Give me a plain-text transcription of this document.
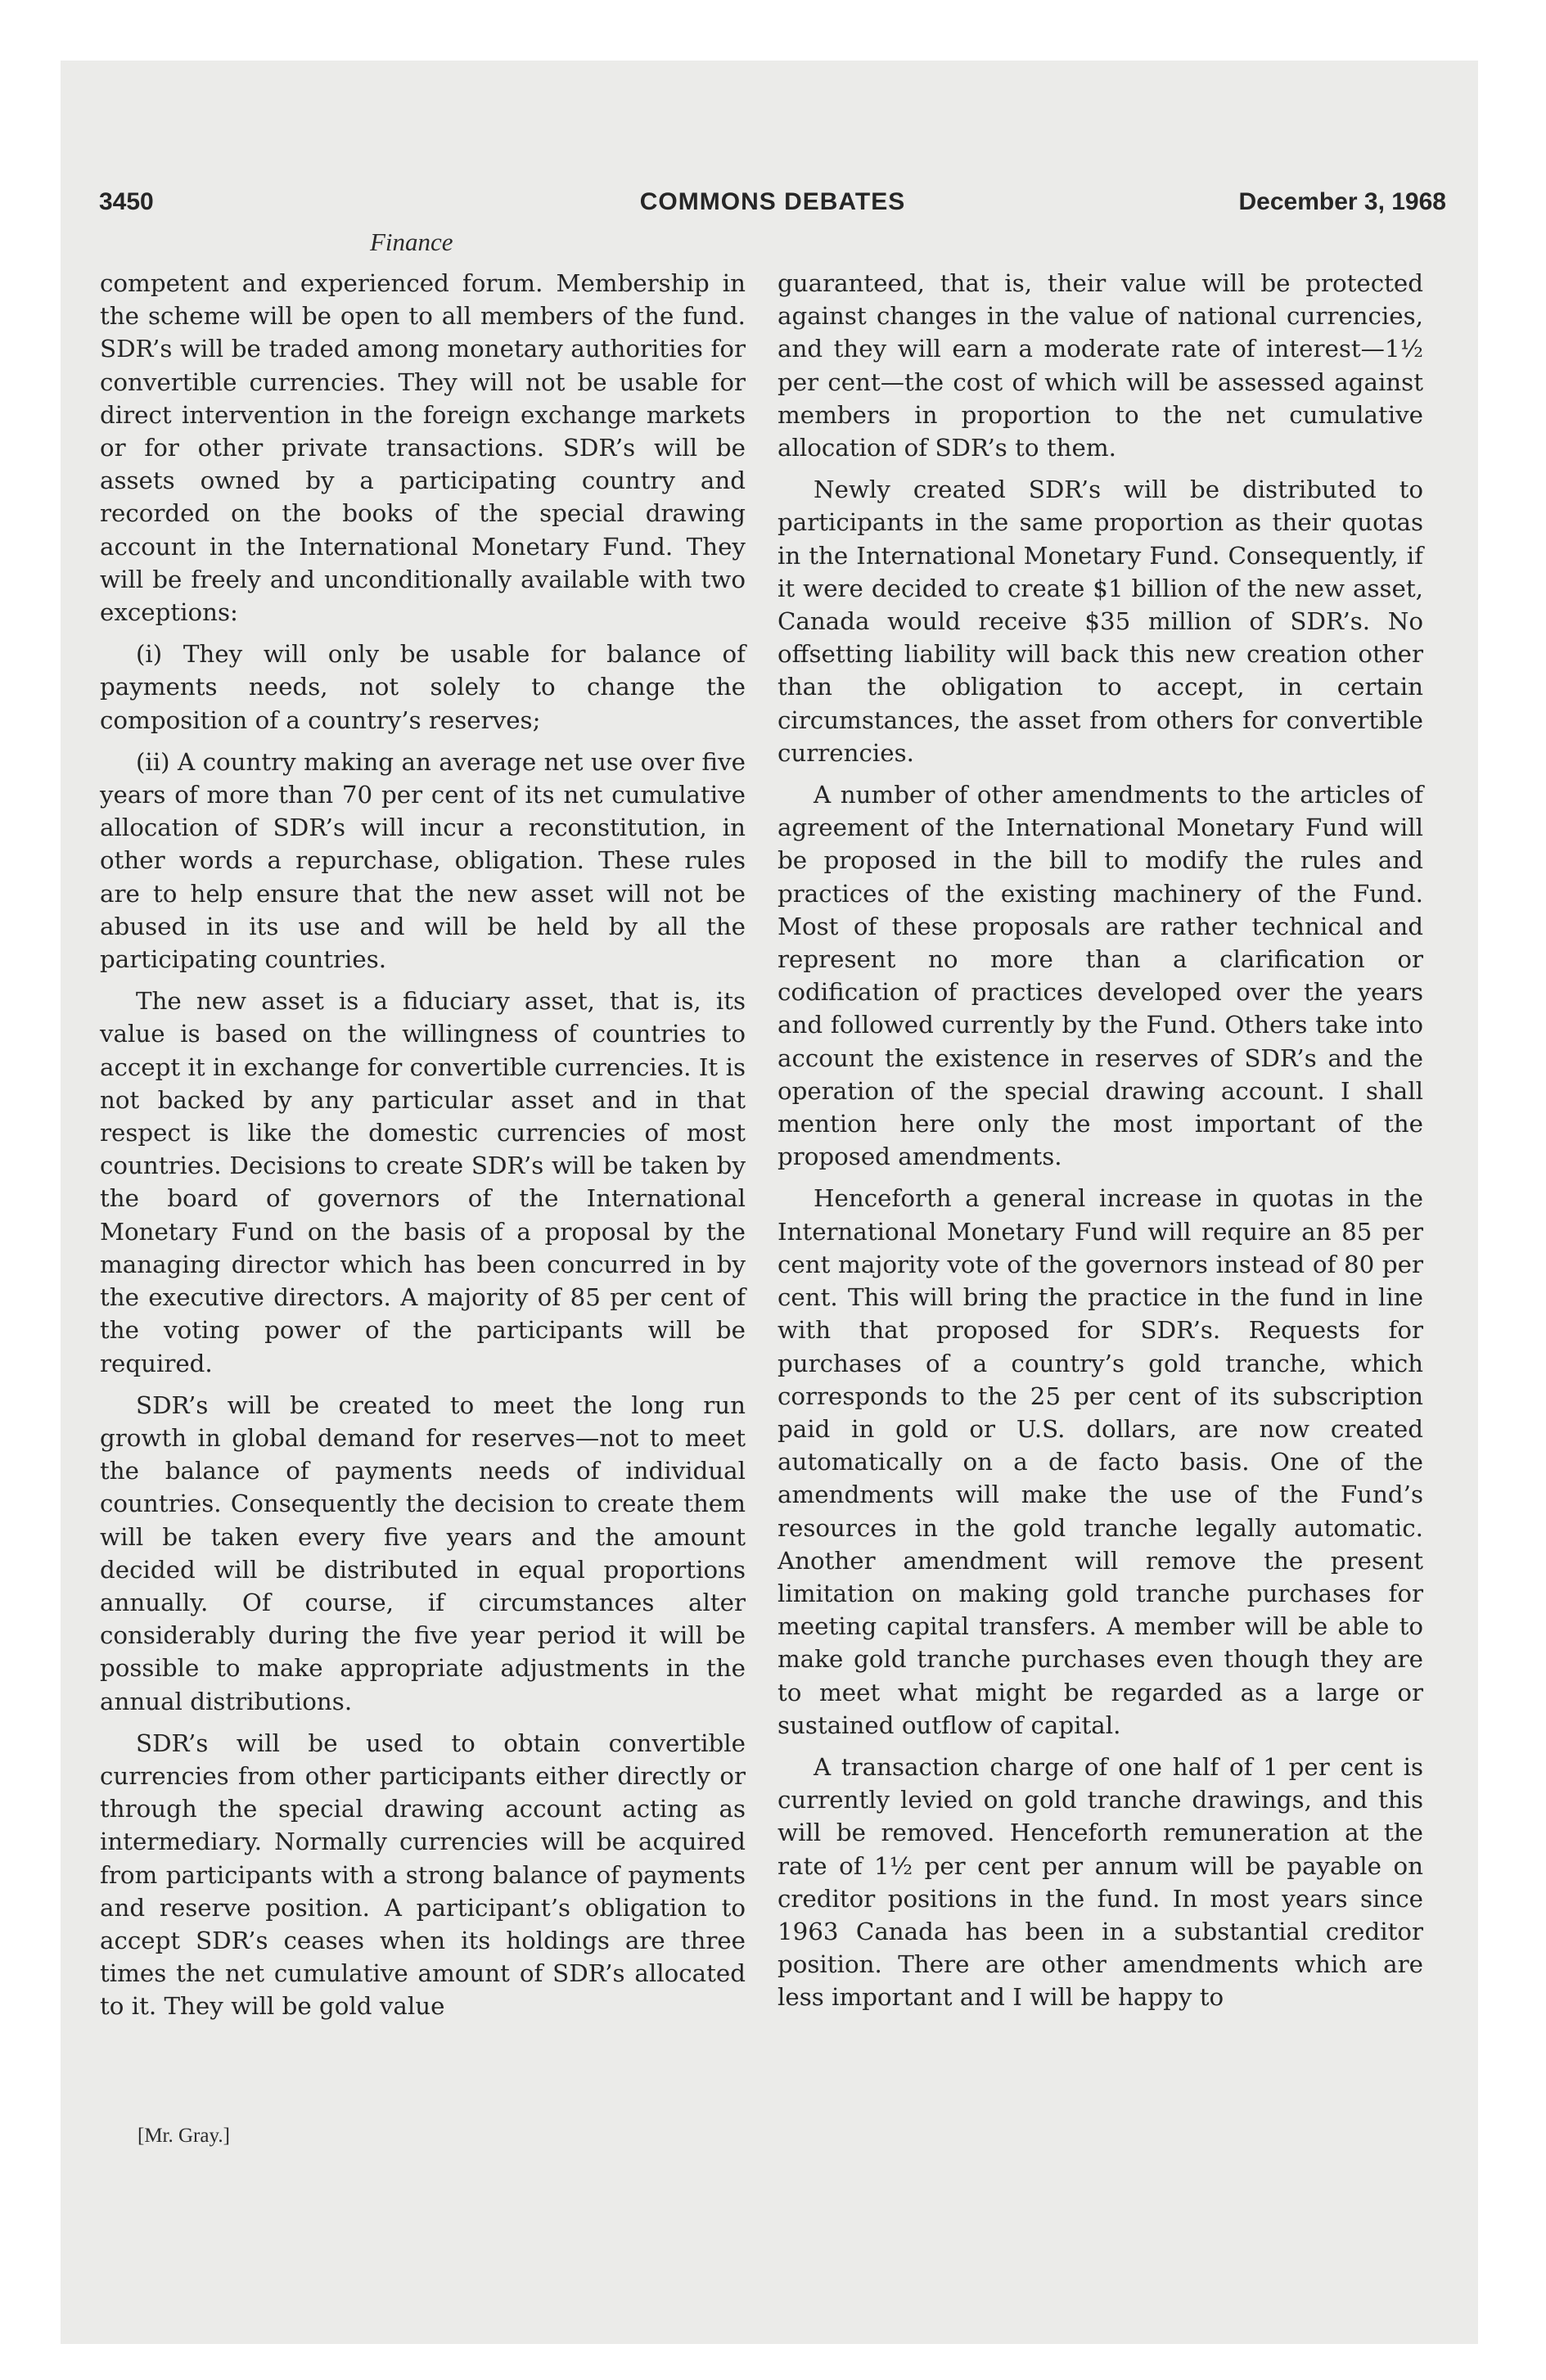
3450	COMMONS DEBATES	December 3, 1968
Finance

competent and experienced forum. Membership in the scheme will be open to all members of the fund. SDR’s will be traded among monetary authorities for convertible currencies. They will not be usable for direct intervention in the foreign exchange markets or for other private transactions. SDR’s will be assets owned by a participating country and recorded on the books of the special drawing account in the International Monetary Fund. They will be freely and unconditionally available with two exceptions:

(i) They will only be usable for balance of payments needs, not solely to change the composition of a country’s reserves;

(ii) A country making an average net use over five years of more than 70 per cent of its net cumulative allocation of SDR’s will incur a reconstitution, in other words a repurchase, obligation. These rules are to help ensure that the new asset will not be abused in its use and will be held by all the participating countries.

The new asset is a fiduciary asset, that is, its value is based on the willingness of countries to accept it in exchange for convertible currencies. It is not backed by any particular asset and in that respect is like the domestic currencies of most countries. Decisions to create SDR’s will be taken by the board of governors of the International Monetary Fund on the basis of a proposal by the managing director which has been concurred in by the executive directors. A majority of 85 per cent of the voting power of the participants will be required.

SDR’s will be created to meet the long run growth in global demand for reserves—not to meet the balance of payments needs of individual countries. Consequently the decision to create them will be taken every five years and the amount decided will be distributed in equal proportions annually. Of course, if circumstances alter considerably during the five year period it will be possible to make appropriate adjustments in the annual distributions.

SDR’s will be used to obtain convertible currencies from other participants either directly or through the special drawing account acting as intermediary. Normally currencies will be acquired from participants with a strong balance of payments and reserve position. A participant’s obligation to accept SDR’s ceases when its holdings are three times the net cumulative amount of SDR’s allocated to it. They will be gold value

guaranteed, that is, their value will be protected against changes in the value of national currencies, and they will earn a moderate rate of interest—1½ per cent—the cost of which will be assessed against members in proportion to the net cumulative allocation of SDR’s to them.

Newly created SDR’s will be distributed to participants in the same proportion as their quotas in the International Monetary Fund. Consequently, if it were decided to create $1 billion of the new asset, Canada would receive $35 million of SDR’s. No offsetting liability will back this new creation other than the obligation to accept, in certain circumstances, the asset from others for convertible currencies.

A number of other amendments to the articles of agreement of the International Monetary Fund will be proposed in the bill to modify the rules and practices of the existing machinery of the Fund. Most of these proposals are rather technical and represent no more than a clarification or codification of practices developed over the years and followed currently by the Fund. Others take into account the existence in reserves of SDR’s and the operation of the special drawing account. I shall mention here only the most important of the proposed amendments.

Henceforth a general increase in quotas in the International Monetary Fund will require an 85 per cent majority vote of the governors instead of 80 per cent. This will bring the practice in the fund in line with that proposed for SDR’s. Requests for purchases of a country’s gold tranche, which corresponds to the 25 per cent of its subscription paid in gold or U.S. dollars, are now created automatically on a de facto basis. One of the amendments will make the use of the Fund’s resources in the gold tranche legally automatic. Another amendment will remove the present limitation on making gold tranche purchases for meeting capital transfers. A member will be able to make gold tranche purchases even though they are to meet what might be regarded as a large or sustained outflow of capital.

A transaction charge of one half of 1 per cent is currently levied on gold tranche drawings, and this will be removed. Henceforth remuneration at the rate of 1½ per cent per annum will be payable on creditor positions in the fund. In most years since 1963 Canada has been in a substantial creditor position. There are other amendments which are less important and I will be happy to

[Mr. Gray.]
